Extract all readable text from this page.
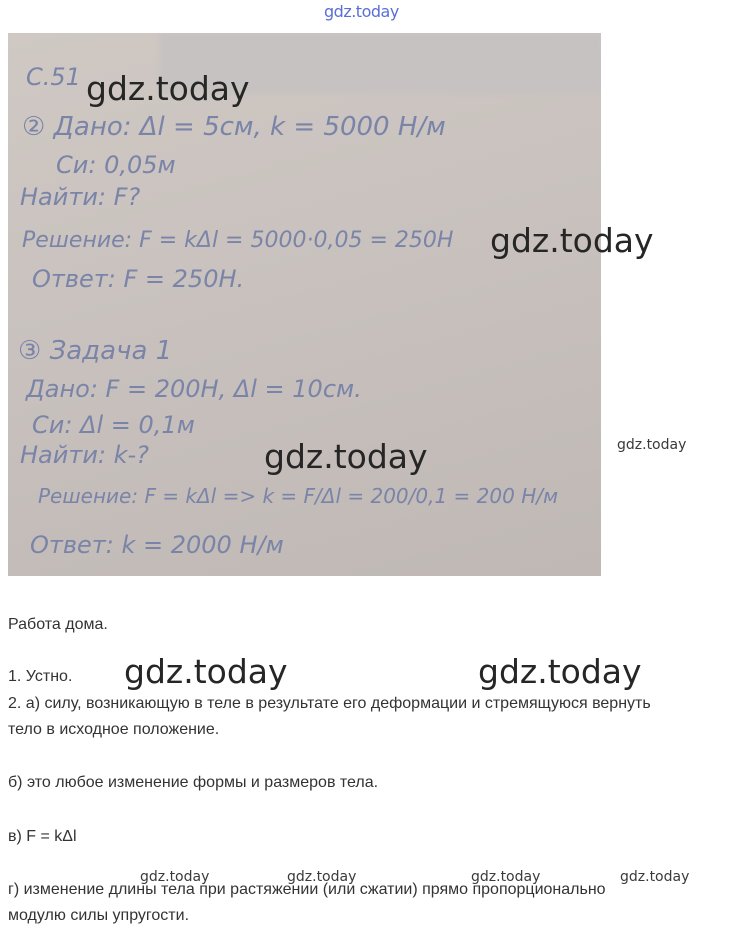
gdz.today
С.51
② Дано: Δl = 5см, k = 5000 Н/м
Си: 0,05м
Найти: F?
Решение: F = kΔl = 5000·0,05 = 250Н
Ответ: F = 250Н.
③ Задача 1
Дано: F = 200Н, Δl = 10см.
Си: Δl = 0,1м
Найти: k-?
Решение: F = kΔl => k = F/Δl = 200/0,1 = 200 Н/м
Ответ: k = 2000 Н/м
gdz.today
gdz.today
gdz.today	gdz.today
Работа дома.
1. Устно. gdz.today	gdz.today
2. а) силу, возникающую в теле в результате его деформации и стремящуюся вернуть
тело в исходное положение.
б) это любое изменение формы и размеров тела.
в) F = kΔl
gdz.today	gdz.today	gdz.today	gdz.today
г) изменение длины тела при растяжении (или сжатии) прямо пропорционально
модулю силы упругости.
